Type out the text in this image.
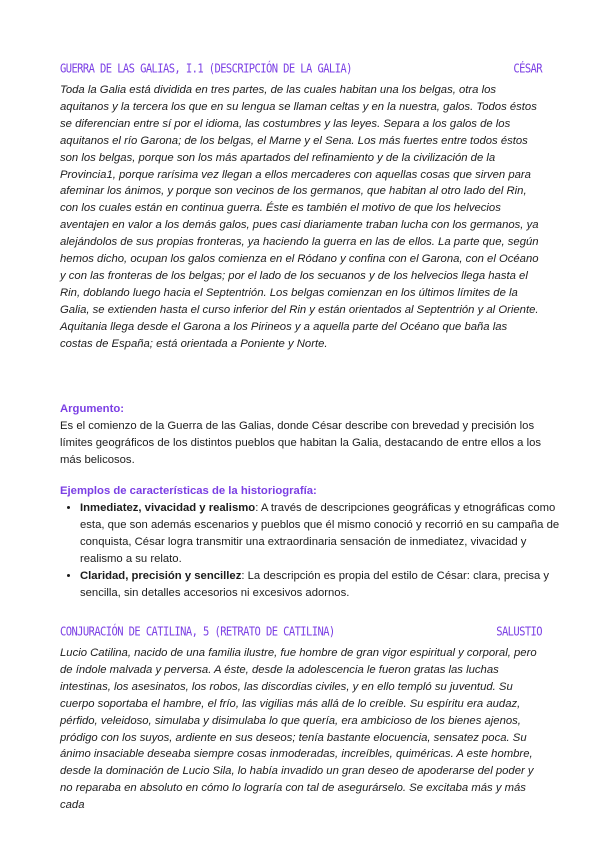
GUERRA DE LAS GALIAS, I.1 (DESCRIPCIÓN DE LA GALIA)	CÉSAR

Toda la Galia está dividida en tres partes, de las cuales habitan una los belgas, otra los aquitanos y la tercera los que en su lengua se llaman celtas y en la nuestra, galos. Todos éstos se diferencian entre sí por el idioma, las costumbres y las leyes. Separa a los galos de los aquitanos el río Garona; de los belgas, el Marne y el Sena. Los más fuertes entre todos éstos son los belgas, porque son los más apartados del refinamiento y de la civilización de la Provincia1, porque rarísima vez llegan a ellos mercaderes con aquellas cosas que sirven para afeminar los ánimos, y porque son vecinos de los germanos, que habitan al otro lado del Rin, con los cuales están en continua guerra. Éste es también el motivo de que los helvecios aventajen en valor a los demás galos, pues casi diariamente traban lucha con los germanos, ya alejándolos de sus propias fronteras, ya haciendo la guerra en las de ellos. La parte que, según hemos dicho, ocupan los galos comienza en el Ródano y confina con el Garona, con el Océano y con las fronteras de los belgas; por el lado de los secuanos y de los helvecios llega hasta el Rin, doblando luego hacia el Septentrión. Los belgas comienzan en los últimos límites de la Galia, se extienden hasta el curso inferior del Rin y están orientados al Septentrión y al Oriente. Aquitania llega desde el Garona a los Pirineos y a aquella parte del Océano que baña las costas de España; está orientada a Poniente y Norte.

Argumento:

Es el comienzo de la Guerra de las Galias, donde César describe con brevedad y precisión los límites geográficos de los distintos pueblos que habitan la Galia, destacando de entre ellos a los más belicosos.

Ejemplos de características de la historiografía:

• Inmediatez, vivacidad y realismo: A través de descripciones geográficas y etnográficas como esta, que son además escenarios y pueblos que él mismo conoció y recorrió en su campaña de conquista, César logra transmitir una extraordinaria sensación de inmediatez, vivacidad y realismo a su relato.
• Claridad, precisión y sencillez: La descripción es propia del estilo de César: clara, precisa y sencilla, sin detalles accesorios ni excesivos adornos.
CONJURACIÓN DE CATILINA, 5 (RETRATO DE CATILINA)	SALUSTIO

Lucio Catilina, nacido de una familia ilustre, fue hombre de gran vigor espiritual y corporal, pero de índole malvada y perversa. A éste, desde la adolescencia le fueron gratas las luchas intestinas, los asesinatos, los robos, las discordias civiles, y en ello templó su juventud. Su cuerpo soportaba el hambre, el frío, las vigilias más allá de lo creíble. Su espíritu era audaz, pérfido, veleidoso, simulaba y disimulaba lo que quería, era ambicioso de los bienes ajenos, pródigo con los suyos, ardiente en sus deseos; tenía bastante elocuencia, sensatez poca. Su ánimo insaciable deseaba siempre cosas inmoderadas, increíbles, quiméricas. A este hombre, desde la dominación de Lucio Sila, lo había invadido un gran deseo de apoderarse del poder y no reparaba en absoluto en cómo lo lograría con tal de asegurárselo. Se excitaba más y más cada
